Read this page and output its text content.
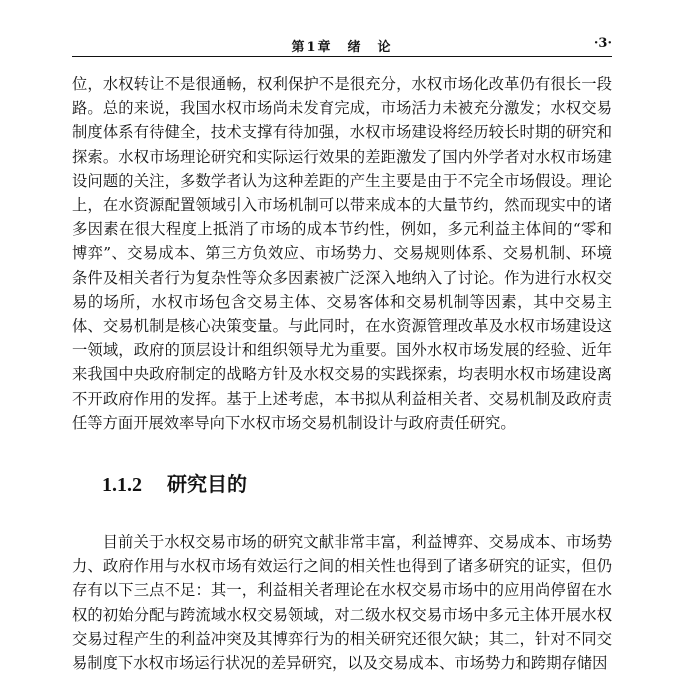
第1章　绪　论	·3·

位，水权转让不是很通畅，权利保护不是很充分，水权市场化改革仍有很长一段路。总的来说，我国水权市场尚未发育完成，市场活力未被充分激发；水权交易制度体系有待健全，技术支撑有待加强，水权市场建设将经历较长时期的研究和探索。水权市场理论研究和实际运行效果的差距激发了国内外学者对水权市场建设问题的关注，多数学者认为这种差距的产生主要是由于不完全市场假设。理论上，在水资源配置领域引入市场机制可以带来成本的大量节约，然而现实中的诸多因素在很大程度上抵消了市场的成本节约性，例如，多元利益主体间的“零和博弈”、交易成本、第三方负效应、市场势力、交易规则体系、交易机制、环境条件及相关者行为复杂性等众多因素被广泛深入地纳入了讨论。作为进行水权交易的场所，水权市场包含交易主体、交易客体和交易机制等因素，其中交易主体、交易机制是核心决策变量。与此同时，在水资源管理改革及水权市场建设这一领域，政府的顶层设计和组织领导尤为重要。国外水权市场发展的经验、近年来我国中央政府制定的战略方针及水权交易的实践探索，均表明水权市场建设离不开政府作用的发挥。基于上述考虑，本书拟从利益相关者、交易机制及政府责任等方面开展效率导向下水权市场交易机制设计与政府责任研究。

1.1.2 研究目的

目前关于水权交易市场的研究文献非常丰富，利益博弈、交易成本、市场势力、政府作用与水权市场有效运行之间的相关性也得到了诸多研究的证实，但仍存有以下三点不足：其一，利益相关者理论在水权交易市场中的应用尚停留在水权的初始分配与跨流域水权交易领域，对二级水权交易市场中多元主体开展水权交易过程产生的利益冲突及其博弈行为的相关研究还很欠缺；其二，针对不同交易制度下水权市场运行状况的差异研究，以及交易成本、市场势力和跨期存储因
